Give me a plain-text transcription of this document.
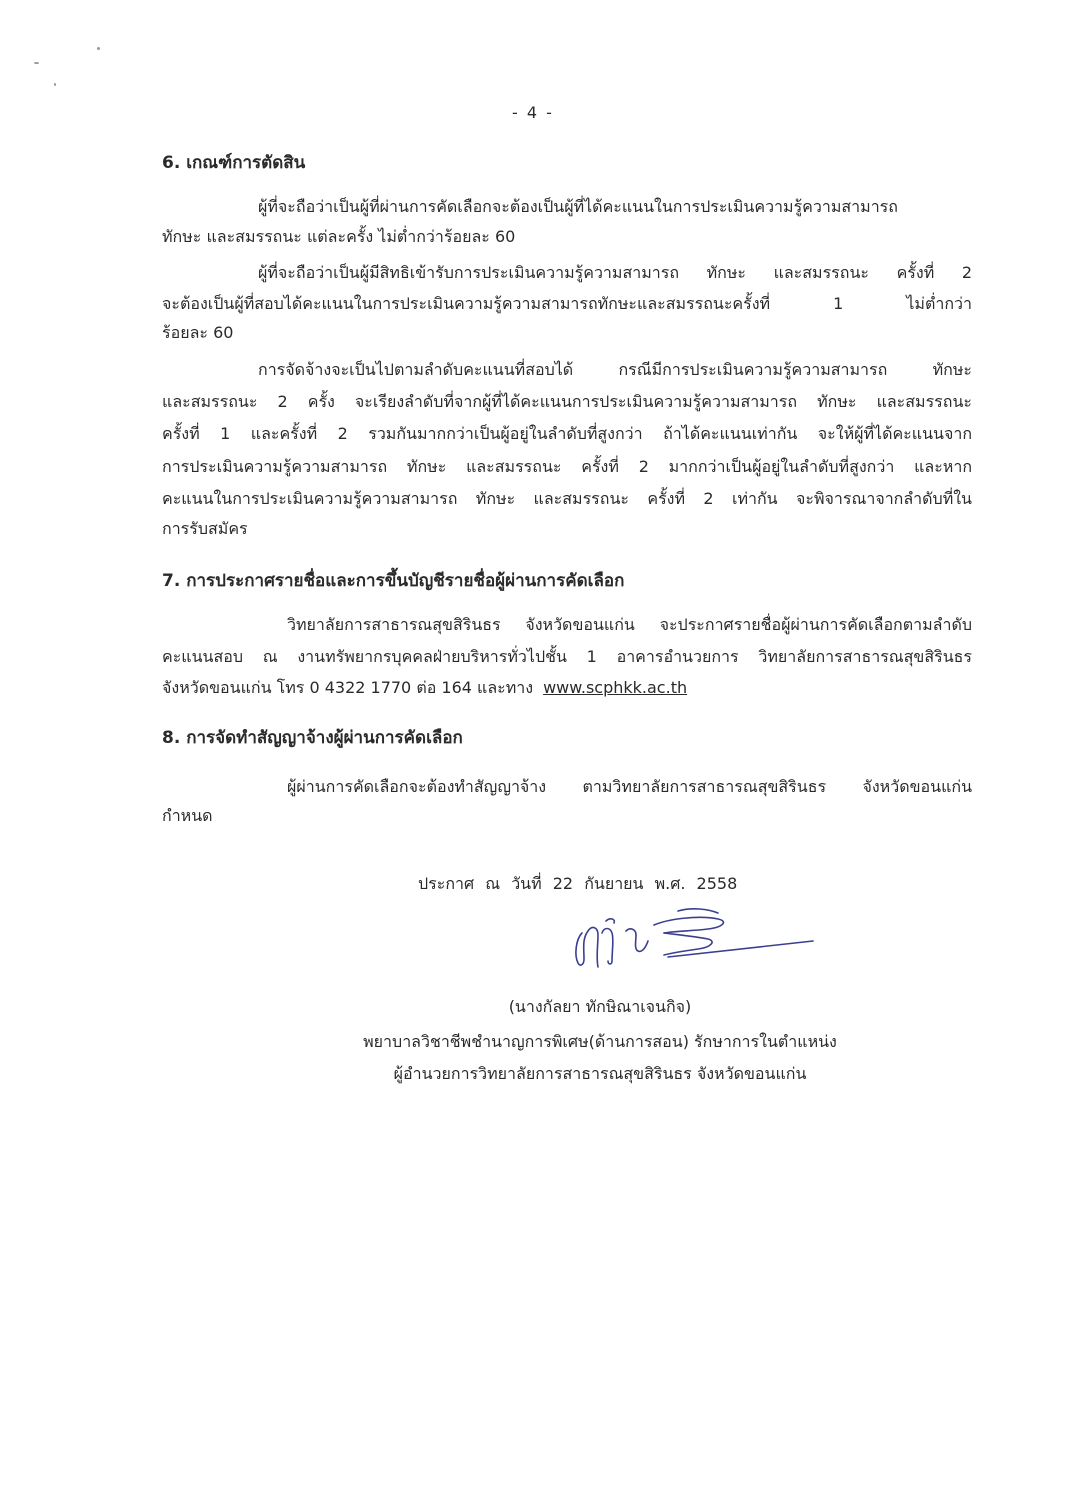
- 4 -
6. เกณฑ์การตัดสิน
ผู้ที่จะถือว่าเป็นผู้ที่ผ่านการคัดเลือกจะต้องเป็นผู้ที่ได้คะแนนในการประเมินความรู้ความสามารถ
ทักษะ และสมรรถนะ แต่ละครั้ง ไม่ต่ำกว่าร้อยละ 60
ผู้ที่จะถือว่าเป็นผู้มีสิทธิเข้ารับการประเมินความรู้ความสามารถ ทักษะ และสมรรถนะ ครั้งที่ 2
จะต้องเป็นผู้ที่สอบได้คะแนนในการประเมินความรู้ความสามารถทักษะและสมรรถนะครั้งที่ 1 ไม่ต่ำกว่า
ร้อยละ 60
การจัดจ้างจะเป็นไปตามลำดับคะแนนที่สอบได้ กรณีมีการประเมินความรู้ความสามารถ ทักษะ
และสมรรถนะ 2 ครั้ง จะเรียงลำดับที่จากผู้ที่ได้คะแนนการประเมินความรู้ความสามารถ ทักษะ และสมรรถนะ
ครั้งที่ 1 และครั้งที่ 2 รวมกันมากกว่าเป็นผู้อยู่ในลำดับที่สูงกว่า ถ้าได้คะแนนเท่ากัน จะให้ผู้ที่ได้คะแนนจาก
การประเมินความรู้ความสามารถ ทักษะ และสมรรถนะ ครั้งที่ 2 มากกว่าเป็นผู้อยู่ในลำดับที่สูงกว่า และหาก
คะแนนในการประเมินความรู้ความสามารถ ทักษะ และสมรรถนะ ครั้งที่ 2 เท่ากัน จะพิจารณาจากลำดับที่ใน
การรับสมัคร
7. การประกาศรายชื่อและการขึ้นบัญชีรายชื่อผู้ผ่านการคัดเลือก
วิทยาลัยการสาธารณสุขสิรินธร จังหวัดขอนแก่น จะประกาศรายชื่อผู้ผ่านการคัดเลือกตามลำดับ
คะแนนสอบ ณ งานทรัพยากรบุคคลฝ่ายบริหารทั่วไปชั้น 1 อาคารอำนวยการ วิทยาลัยการสาธารณสุขสิรินธร
จังหวัดขอนแก่น โทร 0 4322 1770 ต่อ 164 และทาง www.scphkk.ac.th
8. การจัดทำสัญญาจ้างผู้ผ่านการคัดเลือก
ผู้ผ่านการคัดเลือกจะต้องทำสัญญาจ้าง ตามวิทยาลัยการสาธารณสุขสิรินธร จังหวัดขอนแก่น
กำหนด
ประกาศ ณ วันที่ 22 กันยายน พ.ศ. 2558
(นางกัลยา ทักษิณาเจนกิจ)
พยาบาลวิชาชีพชำนาญการพิเศษ(ด้านการสอน) รักษาการในตำแหน่ง
ผู้อำนวยการวิทยาลัยการสาธารณสุขสิรินธร จังหวัดขอนแก่น
